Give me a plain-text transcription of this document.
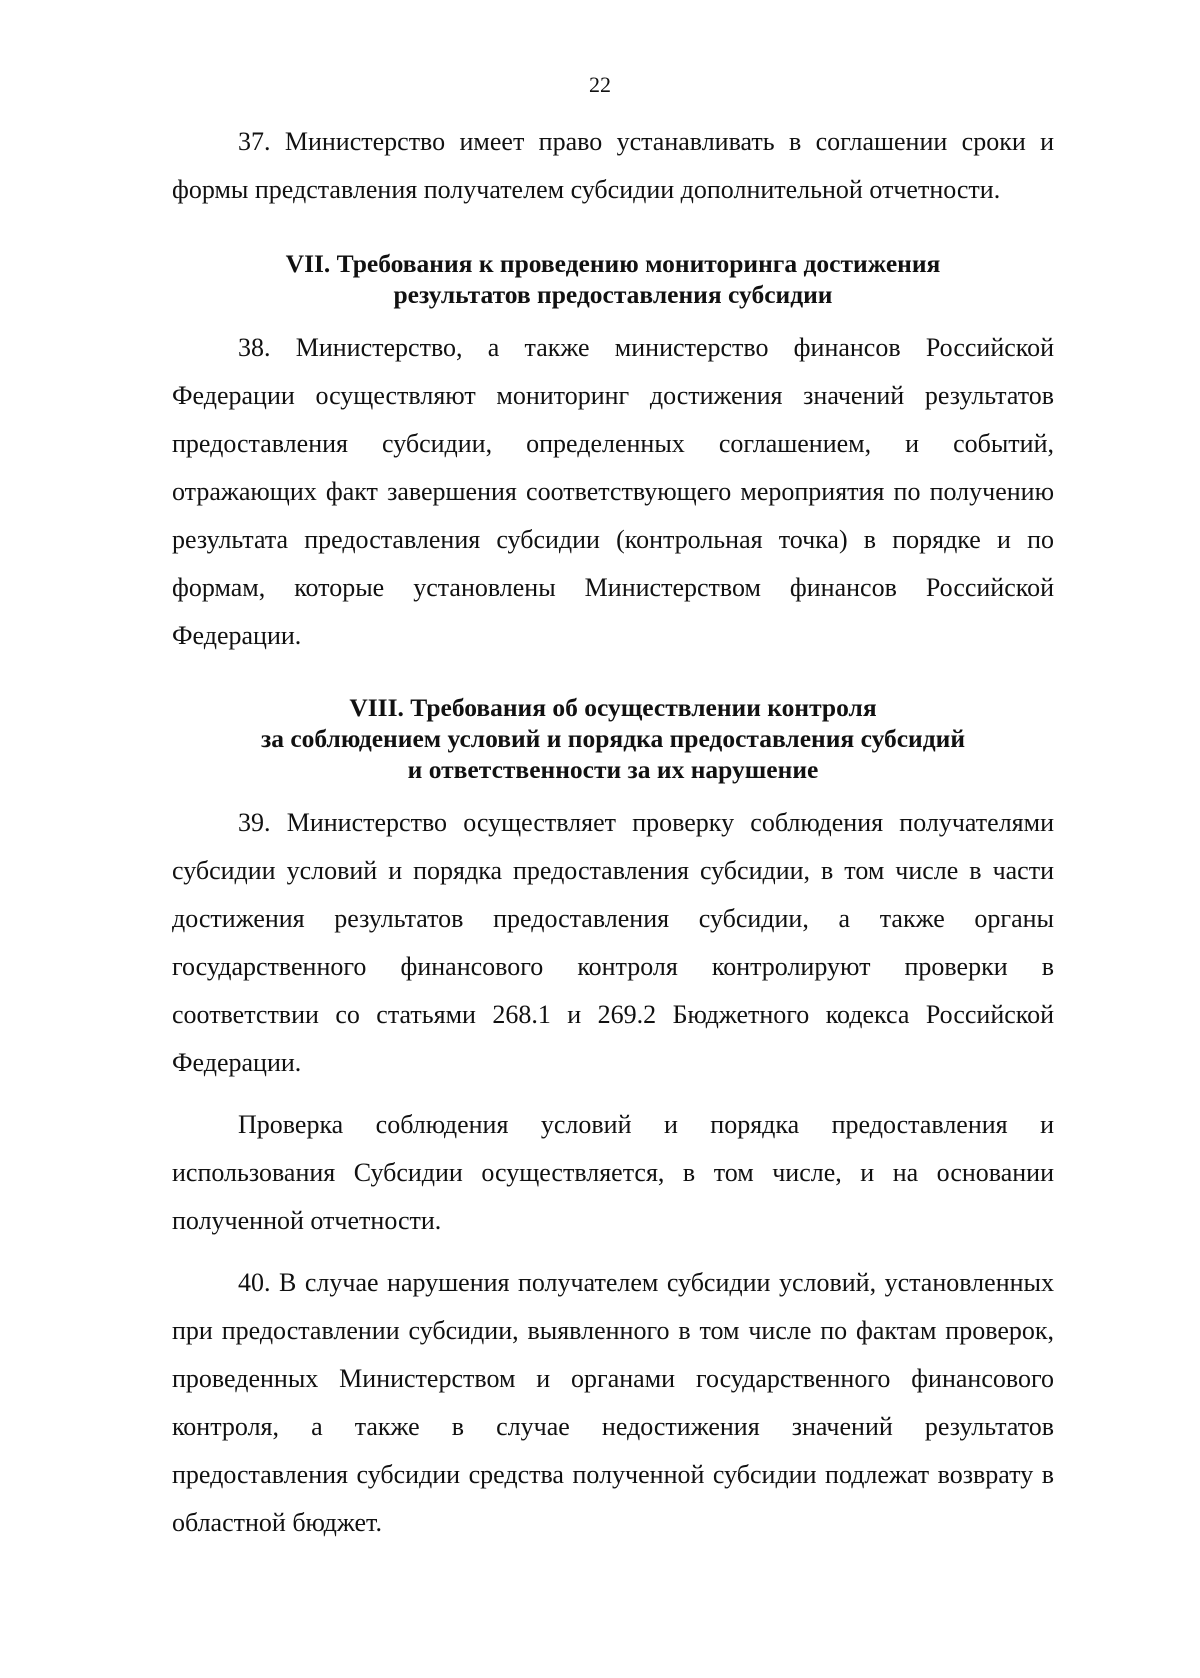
22

37. Министерство имеет право устанавливать в соглашении сроки и формы представления получателем субсидии дополнительной отчетности.

VII. Требования к проведению мониторинга достижения
результатов предоставления субсидии

38. Министерство, а также министерство финансов Российской Федерации осуществляют мониторинг достижения значений результатов предоставления субсидии, определенных соглашением, и событий, отражающих факт завершения соответствующего мероприятия по получению результата предоставления субсидии (контрольная точка) в порядке и по формам, которые установлены Министерством финансов Российской Федерации.

VIII. Требования об осуществлении контроля
за соблюдением условий и порядка предоставления субсидий
и ответственности за их нарушение

39. Министерство осуществляет проверку соблюдения получателями субсидии условий и порядка предоставления субсидии, в том числе в части достижения результатов предоставления субсидии, а также органы государственного финансового контроля контролируют проверки в соответствии со статьями 268.1 и 269.2 Бюджетного кодекса Российской Федерации.

Проверка соблюдения условий и порядка предоставления и использования Субсидии осуществляется, в том числе, и на основании полученной отчетности.

40. В случае нарушения получателем субсидии условий, установленных при предоставлении субсидии, выявленного в том числе по фактам проверок, проведенных Министерством и органами государственного финансового контроля, а также в случае недостижения значений результатов предоставления субсидии средства полученной субсидии подлежат возврату в областной бюджет.
